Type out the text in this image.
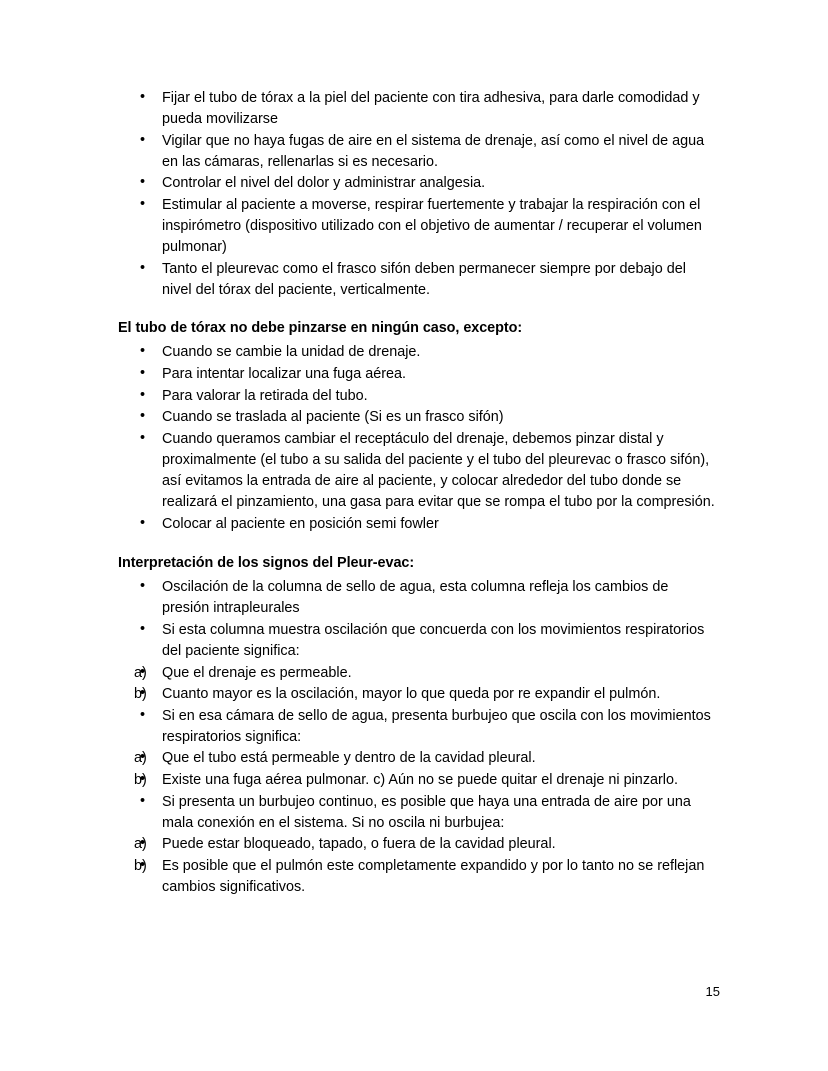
• Fijar el tubo de tórax a la piel del paciente con tira adhesiva, para darle comodidad y pueda movilizarse
• Vigilar que no haya fugas de aire en el sistema de drenaje, así como el nivel de agua en las cámaras, rellenarlas si es necesario.
• Controlar el nivel del dolor y administrar analgesia.
• Estimular al paciente a moverse, respirar fuertemente y trabajar la respiración con el inspirómetro (dispositivo utilizado con el objetivo de aumentar / recuperar el volumen pulmonar)
• Tanto el pleurevac como el frasco sifón deben permanecer siempre por debajo del nivel del tórax del paciente, verticalmente.

El tubo de tórax no debe pinzarse en ningún caso, excepto:

• Cuando se cambie la unidad de drenaje.
• Para intentar localizar una fuga aérea.
• Para valorar la retirada del tubo.
• Cuando se traslada al paciente (Si es un frasco sifón)
• Cuando queramos cambiar el receptáculo del drenaje, debemos pinzar distal y proximalmente (el tubo a su salida del paciente y el tubo del pleurevac o frasco sifón), así evitamos la entrada de aire al paciente, y colocar alrededor del tubo donde se realizará el pinzamiento, una gasa para evitar que se rompa el tubo por la compresión.
• Colocar al paciente en posición semi fowler

Interpretación de los signos del Pleur-evac:

• Oscilación de la columna de sello de agua, esta columna refleja los cambios de presión intrapleurales
• Si esta columna muestra oscilación que concuerda con los movimientos respiratorios del paciente significa:
• a) Que el drenaje es permeable.
• b) Cuanto mayor es la oscilación, mayor lo que queda por re expandir el pulmón.
• Si en esa cámara de sello de agua, presenta burbujeo que oscila con los movimientos respiratorios significa:
• a) Que el tubo está permeable y dentro de la cavidad pleural.
• b) Existe una fuga aérea pulmonar. c) Aún no se puede quitar el drenaje ni pinzarlo.
• Si presenta un burbujeo continuo, es posible que haya una entrada de aire por una mala conexión en el sistema. Si no oscila ni burbujea:
• a) Puede estar bloqueado, tapado, o fuera de la cavidad pleural.
• b) Es posible que el pulmón este completamente expandido y por lo tanto no se reflejan cambios significativos.
15
